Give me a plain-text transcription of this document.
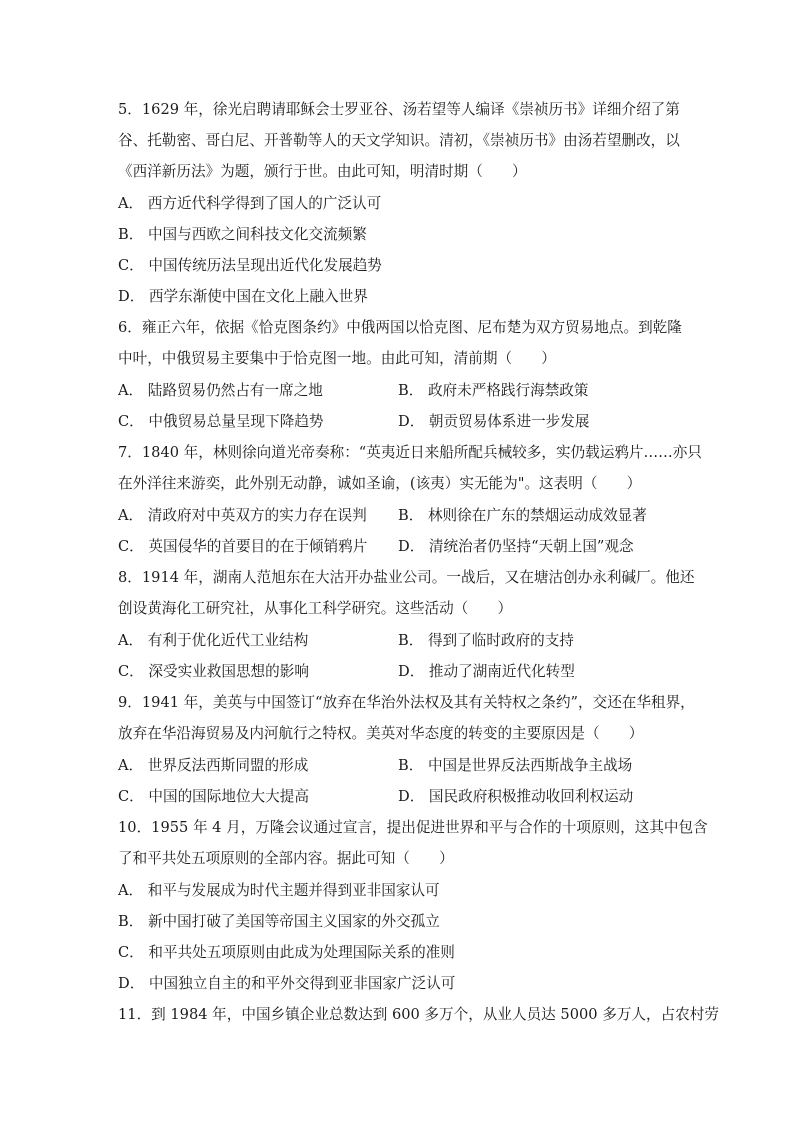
5．1629 年，徐光启聘请耶稣会士罗亚谷、汤若望等人编译《崇祯历书》详细介绍了第
谷、托勒密、哥白尼、开普勒等人的天文学知识。清初，《崇祯历书》由汤若望删改，以
《西洋新历法》为题，颁行于世。由此可知，明清时期（　　）
A． 西方近代科学得到了国人的广泛认可
B． 中国与西欧之间科技文化交流频繁
C． 中国传统历法呈现出近代化发展趋势
D． 西学东渐使中国在文化上融入世界
6．雍正六年，依据《恰克图条约》中俄两国以恰克图、尼布楚为双方贸易地点。到乾隆
中叶，中俄贸易主要集中于恰克图一地。由此可知，清前期（　　）
A． 陆路贸易仍然占有一席之地	B． 政府未严格践行海禁政策
C． 中俄贸易总量呈现下降趋势	D． 朝贡贸易体系进一步发展
7．1840 年，林则徐向道光帝奏称：“英夷近日来船所配兵械较多，实仍载运鸦片……亦只
在外洋往来游奕，此外别无动静，诚如圣谕，(该夷）实无能为"。这表明（　　）
A． 清政府对中英双方的实力存在误判 B． 林则徐在广东的禁烟运动成效显著
C． 英国侵华的首要目的在于倾销鸦片 D． 清统治者仍坚持“天朝上国”观念
8．1914 年，湖南人范旭东在大沽开办盐业公司。一战后，又在塘沽创办永利碱厂。他还
创设黄海化工研究社，从事化工科学研究。这些活动（　　）
A． 有利于优化近代工业结构	B． 得到了临时政府的支持
C． 深受实业救国思想的影响	D． 推动了湖南近代化转型
9．1941 年，美英与中国签订“放弃在华治外法权及其有关特权之条约”，交还在华租界，
放弃在华沿海贸易及内河航行之特权。美英对华态度的转变的主要原因是（　　）
A． 世界反法西斯同盟的形成	B． 中国是世界反法西斯战争主战场
C． 中国的国际地位大大提高	D． 国民政府积极推动收回利权运动
10．1955 年 4 月，万隆会议通过宣言，提出促进世界和平与合作的十项原则，这其中包含
了和平共处五项原则的全部内容。据此可知（　　）
A． 和平与发展成为时代主题并得到亚非国家认可
B． 新中国打破了美国等帝国主义国家的外交孤立
C． 和平共处五项原则由此成为处理国际关系的准则
D． 中国独立自主的和平外交得到亚非国家广泛认可
11．到 1984 年，中国乡镇企业总数达到 600 多万个，从业人员达 5000 多万人，占农村劳
